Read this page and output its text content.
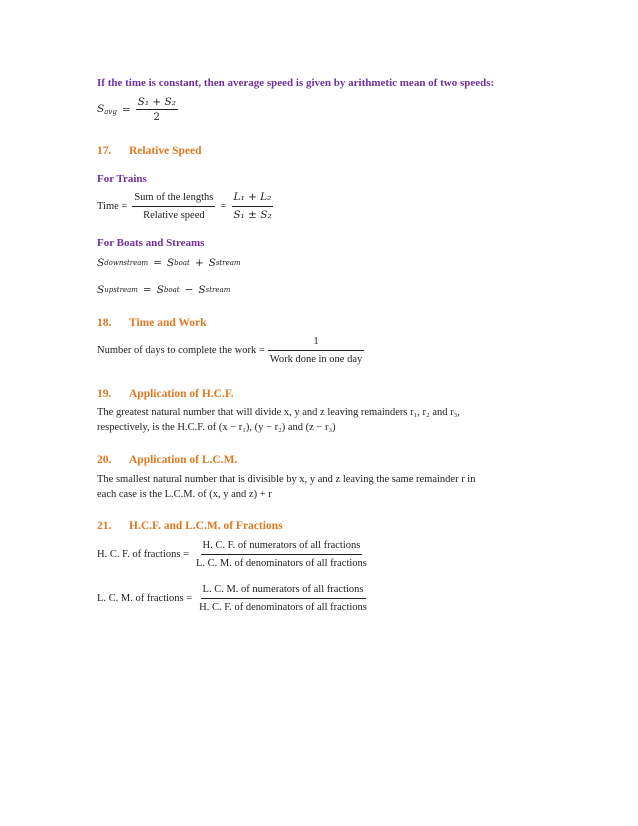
If the time is constant, then average speed is given by arithmetic mean of two speeds:
$S_{avg} = \frac{\text{S₁ + S₂}}{2}$
17. Relative Speed
For Trains
Time = $\frac{\text{Sum of the lengths}}{\text{Relative speed}} = \frac{\text{L₁ + L₂}}{\text{S₁ ± S₂}}$
For Boats and Streams
S downstream = S boat + S stream
S upstream = S boat − S stream
18. Time and Work
Number of days to complete the work = $\frac{1}{\text{Work done in one day}}$
19. Application of H.C.F.
The greatest natural number that will divide x, y and z leaving remainders r₁, r₂ and r₃,
respectively, is the H.C.F. of (x − r₁), (y − r₂) and (z − r₃)
20. Application of L.C.M.
The smallest natural number that is divisible by x, y and z leaving the same remainder r in
each case is the L.C.M. of (x, y and z) + r
21. H.C.F. and L.C.M. of Fractions
H. C. F. of fractions = $\frac{\text{H. C. F. of numerators of all fractions}}{\text{L. C. M. of denominators of all fractions}}$
L. C. M. of fractions = $\frac{\text{L. C. M. of numerators of all fractions}}{\text{H. C. F. of denominators of all fractions}}$
